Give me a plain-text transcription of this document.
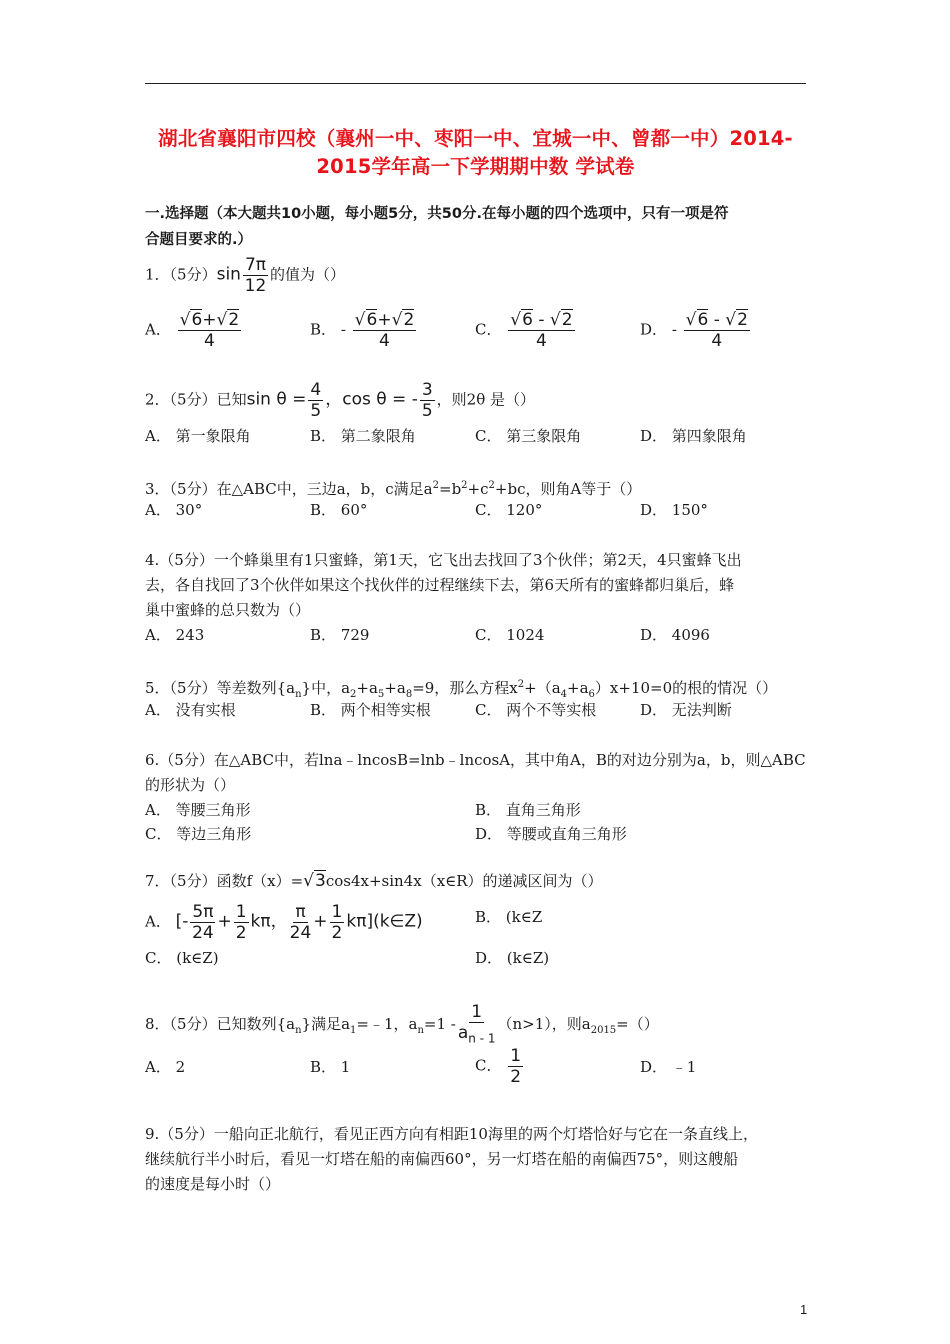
湖北省襄阳市四校（襄州一中、枣阳一中、宜城一中、曾都一中）2014-
2015学年高一下学期期中数 学试卷
一.选择题（本大题共10小题，每小题5分，共50分.在每小题的四个选项中，只有一项是符
合题目要求的.）
1．（5分）$\sin \frac{7\pi}{12}$ 的值为（）
A． $\frac{√6+√2}{4}$	B． - $\frac{√6+√2}{4}$	C． $\frac{√6 - √2}{4}$	D． - $\frac{√6 - √2}{4}$
2．（5分）已知$\sin \theta = \frac{4}{5}$ ，cos θ = - $\frac{3}{5}$ ，则2θ 是（）
A． 第一象限角	B． 第二象限角	C． 第三象限角	D． 第四象限角
3．（5分）在△ABC中，三边a，b，c满足$a^2=b^2+c^2+bc$，则角A等于（）
A． 30°	B． 60°	C． 120°	D． 150°
4.（5分）一个蜂巢里有1只蜜蜂，第1天，它飞出去找回了3个伙伴；第2天，4只蜜蜂飞出
去，各自找回了3个伙伴如果这个找伙伴的过程继续下去，第6天所有的蜜蜂都归巢后，蜂
巢中蜜蜂的总只数为（）
A． 243	B． 729	C． 1024	D． 4096
5．（5分）等差数列$\{a_n\}$中，$a_2+a_5+a_8=9$，那么方程$x^2+(a_4+a_6)x+10=0$的根的情况（）
A． 没有实根	B． 两个相等实根	C． 两个不等实根	D． 无法判断
6.（5分）在△ABC中，若lna﹣lncosB=lnb﹣lncosA，其中角A，B的对边分别为a，b，则△ABC
的形状为（）
A． 等腰三角形	B． 直角三角形
C． 等边三角形	D． 等腰或直角三角形
7．（5分）函数f（x）=√3cos4x+sin4x（x∈R）的递减区间为（）
A． [- $\frac{5\pi}{24} + \frac{1}{2}$ kπ， $\frac{\pi}{24} + \frac{1}{2}$ kπ](k∈Z)	B． (k∈Z
C． (k∈Z)	D． (k∈Z)
8．（5分）已知数列$\{a_n\}$满足$a_1=﹣1$，$a_n=1 - \frac{1}{a_{n - 1}} (n>1)$，则$a_{2015}=()$
A． 2	B． 1	C． $\frac{1}{2}$	D． ﹣1
9.（5分）一船向正北航行，看见正西方向有相距10海里的两个灯塔恰好与它在一条直线上，
继续航行半小时后，看见一灯塔在船的南偏西60°，另一灯塔在船的南偏西75°，则这艘船
的速度是每小时（）
1
